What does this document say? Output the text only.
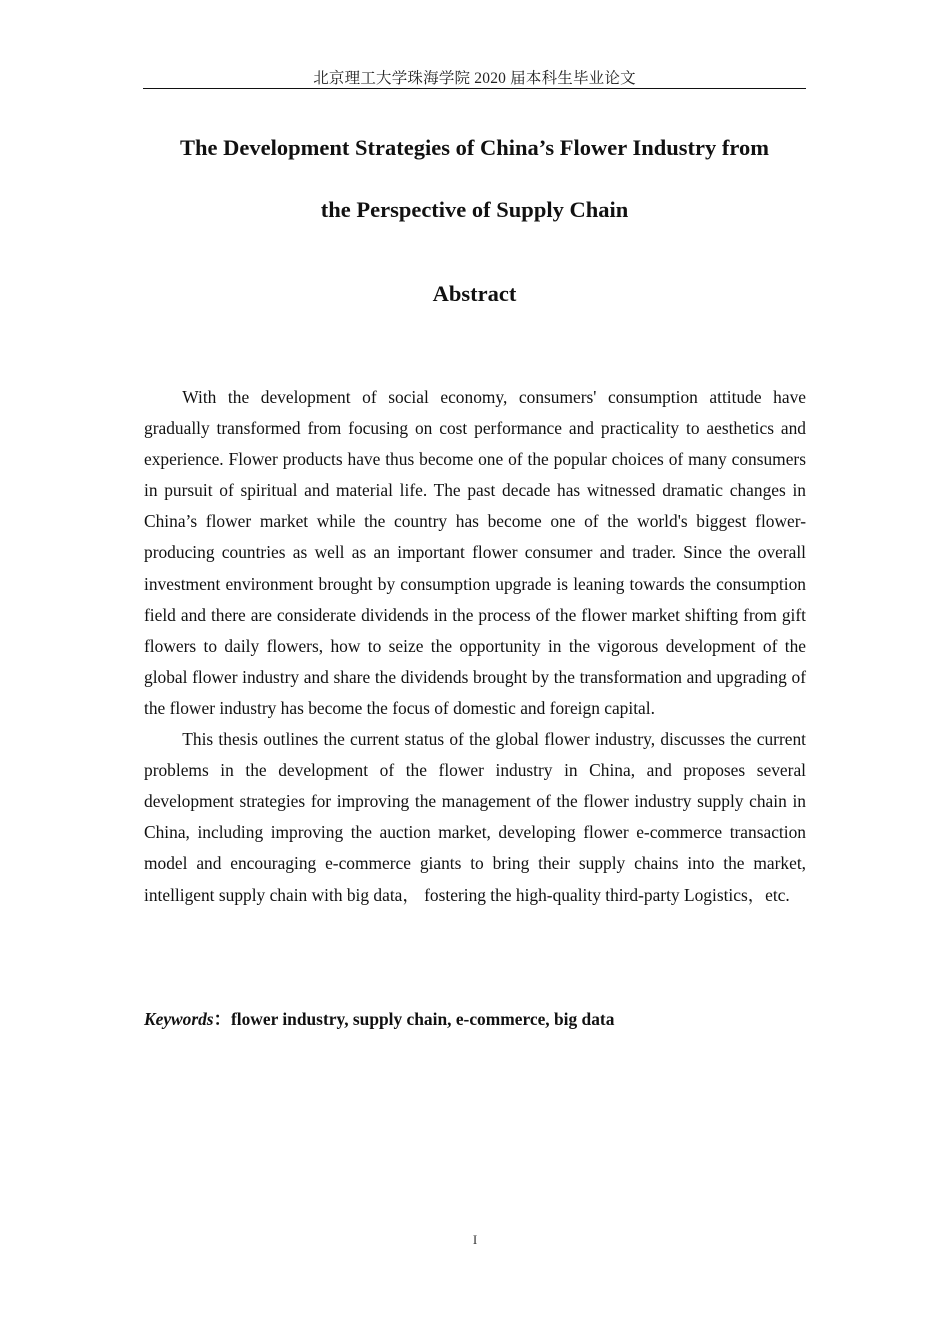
北京理工大学珠海学院 2020 届本科生毕业论文
The Development Strategies of China’s Flower Industry from
the Perspective of Supply Chain
Abstract

With the development of social economy, consumers' consumption attitude have gradually transformed from focusing on cost performance and practicality to aesthetics and experience. Flower products have thus become one of the popular choices of many consumers in pursuit of spiritual and material life. The past decade has witnessed dramatic changes in China’s flower market while the country has become one of the world's biggest flower-producing countries as well as an important flower consumer and trader. Since the overall investment environment brought by consumption upgrade is leaning towards the consumption field and there are considerate dividends in the process of the flower market shifting from gift flowers to daily flowers, how to seize the opportunity in the vigorous development of the global flower industry and share the dividends brought by the transformation and upgrading of the flower industry has become the focus of domestic and foreign capital.

This thesis outlines the current status of the global flower industry, discusses the current problems in the development of the flower industry in China, and proposes several development strategies for improving the management of the flower industry supply chain in China, including improving the auction market, developing flower e-commerce transaction model and encouraging e-commerce giants to bring their supply chains into the market, intelligent supply chain with big data， fostering the high-quality third-party Logistics，etc.

Keywords：flower industry, supply chain, e-commerce, big data
I
